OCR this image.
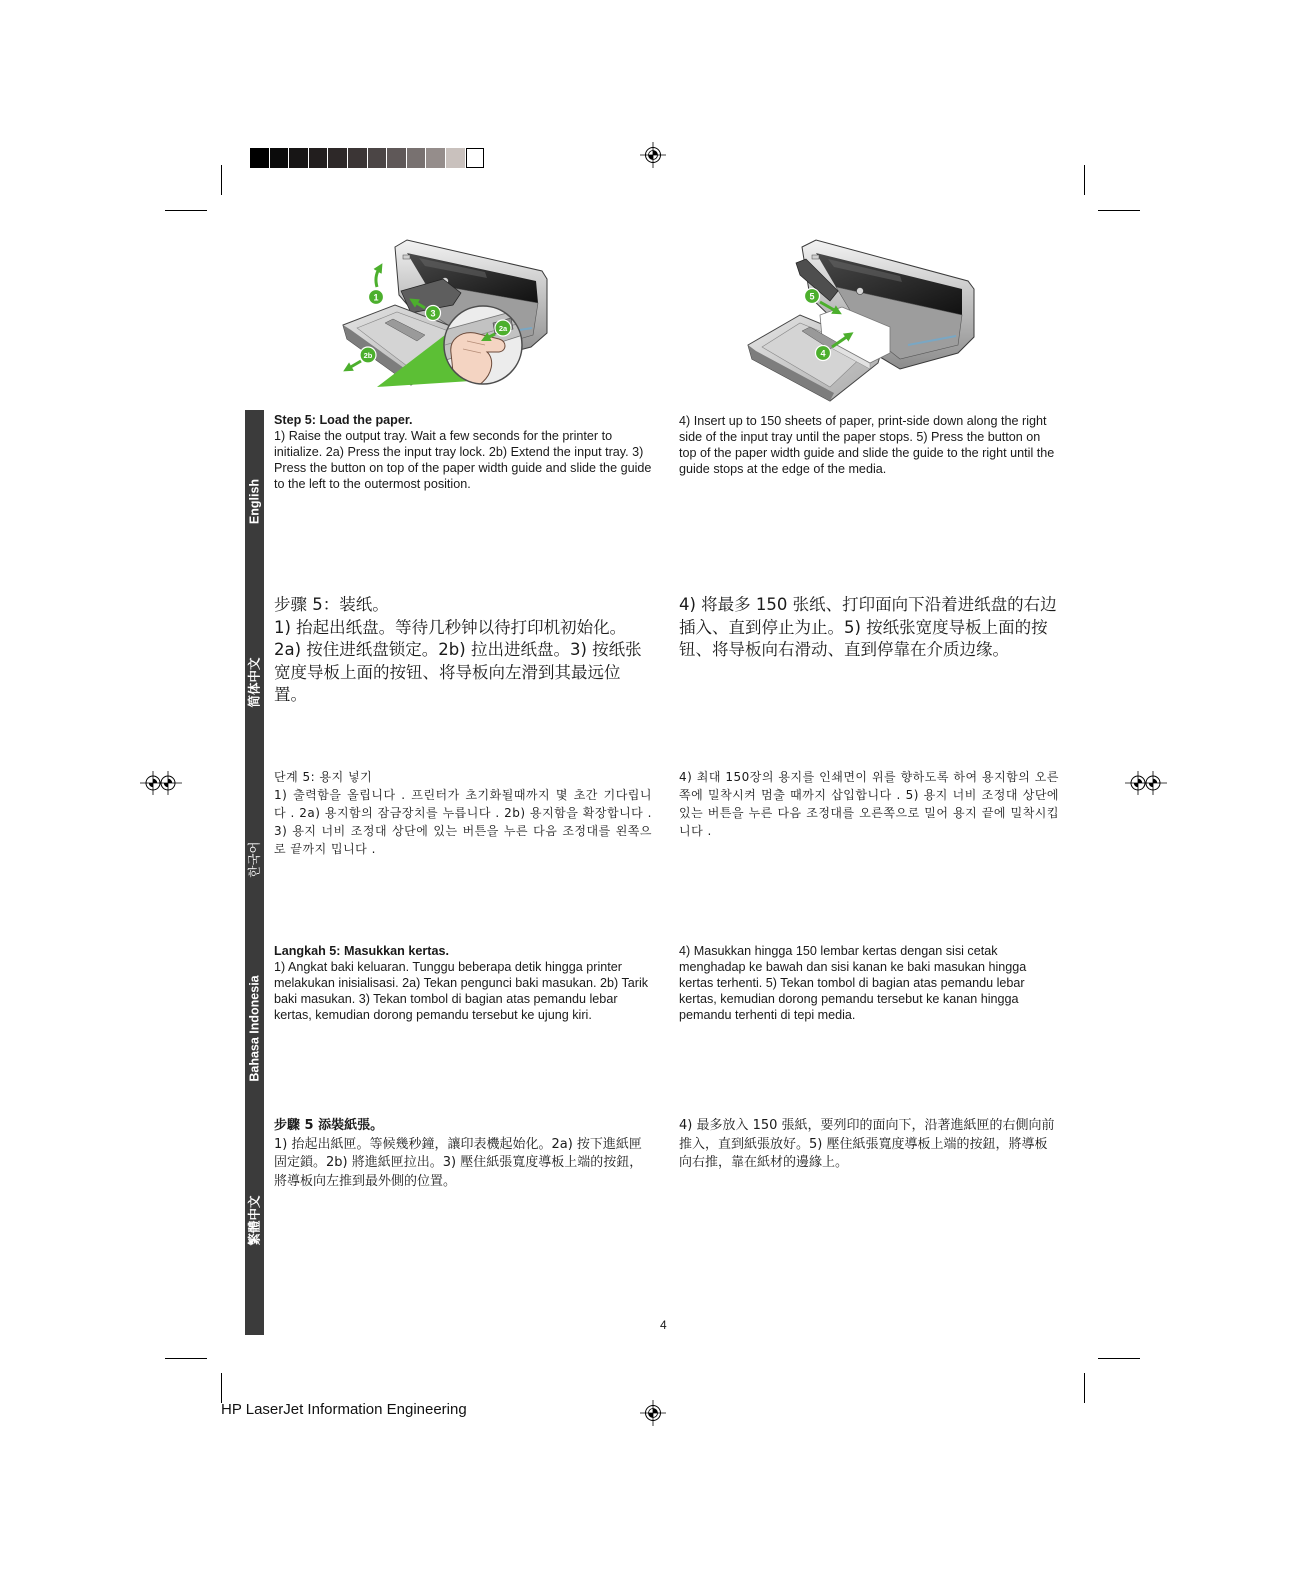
1
3
2a
2b
5
4
English
简体中文
한국어
Bahasa Indonesia
繁體中文
Step 5: Load the paper.
1) Raise the output tray. Wait a few seconds for the printer to initialize. 2a) Press the input tray lock. 2b) Extend the input tray. 3) Press the button on top of the paper width guide and slide the guide to the left to the outermost position.
4) Insert up to 150 sheets of paper, print-side down along the right side of the input tray until the paper stops. 5) Press the button on top of the paper width guide and slide the guide to the right until the guide stops at the edge of the media.
步骤 5：装纸。
1) 抬起出纸盘。等待几秒钟以待打印机初始化。2a) 按住进纸盘锁定。2b) 拉出进纸盘。3) 按纸张宽度导板上面的按钮、将导板向左滑到其最远位置。
4) 将最多 150 张纸、打印面向下沿着进纸盘的右边插入、直到停止为止。5) 按纸张宽度导板上面的按钮、将导板向右滑动、直到停靠在介质边缘。
단계 5: 용지 넣기
1) 출력함을 올립니다 . 프린터가 초기화될때까지 몇 초간 기다립니다 . 2a) 용지함의 잠금장치를 누릅니다 . 2b) 용지함을 확장합니다 . 3) 용지 너비 조정대 상단에 있는 버튼을 누른 다음 조정대를 왼쪽으로 끝까지 밉니다 .
4) 최대 150장의 용지를 인쇄면이 위를 향하도록 하여 용지함의 오른쪽에 밀착시켜 멈출 때까지 삽입합니다 . 5) 용지 너비 조정대 상단에 있는 버튼을 누른 다음 조정대를 오른쪽으로 밀어 용지 끝에 밀착시킵니다 .
Langkah 5: Masukkan kertas.
1) Angkat baki keluaran. Tunggu beberapa detik hingga printer melakukan inisialisasi. 2a) Tekan pengunci baki masukan. 2b) Tarik baki masukan. 3) Tekan tombol di bagian atas pemandu lebar kertas, kemudian dorong pemandu tersebut ke ujung kiri.
4) Masukkan hingga 150 lembar kertas dengan sisi cetak menghadap ke bawah dan sisi kanan ke baki masukan hingga kertas terhenti. 5) Tekan tombol di bagian atas pemandu lebar kertas, kemudian dorong pemandu tersebut ke kanan hingga pemandu terhenti di tepi media.
步驟 5 添裝紙張。
1) 抬起出紙匣。等候幾秒鐘，讓印表機起始化。2a) 按下進紙匣固定鎖。2b) 將進紙匣拉出。3) 壓住紙張寬度導板上端的按鈕，將導板向左推到最外側的位置。
4) 最多放入 150 張紙，要列印的面向下，沿著進紙匣的右側向前推入，直到紙張放好。5) 壓住紙張寬度導板上端的按鈕，將導板向右推，靠在紙材的邊緣上。
4
HP LaserJet Information Engineering
